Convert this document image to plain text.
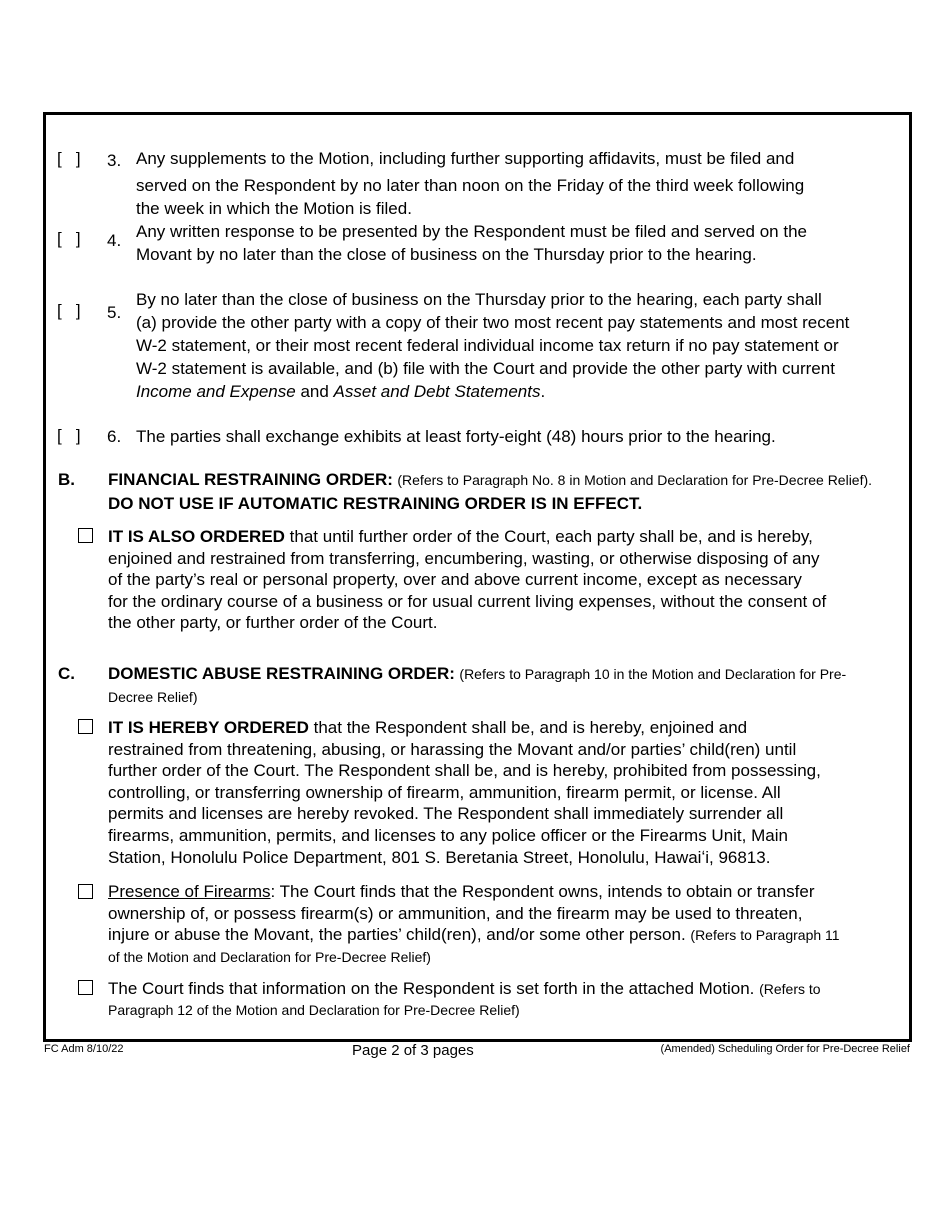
[   ] 3. Any supplements to the Motion, including further supporting affidavits, must be filed and
served on the Respondent by no later than noon on the Friday of the third week following
the week in which the Motion is filed.
[   ] 4. Any written response to be presented by the Respondent must be filed and served on the
Movant by no later than the close of business on the Thursday prior to the hearing.
[   ] 5.
By no later than the close of business on the Thursday prior to the hearing, each party shall
(a) provide the other party with a copy of their two most recent pay statements and most recent
W-2 statement, or their most recent federal individual income tax return if no pay statement or
W-2 statement is available, and (b) file with the Court and provide the other party with current
Income and Expense and Asset and Debt Statements.
[   ] 6. The parties shall exchange exhibits at least forty-eight (48) hours prior to the hearing.
B. FINANCIAL RESTRAINING ORDER: (Refers to Paragraph No. 8 in Motion and Declaration for Pre-Decree Relief).
DO NOT USE IF AUTOMATIC RESTRAINING ORDER IS IN EFFECT.
IT IS ALSO ORDERED that until further order of the Court, each party shall be, and is hereby,
enjoined and restrained from transferring, encumbering, wasting, or otherwise disposing of any
of the party’s real or personal property, over and above current income, except as necessary
for the ordinary course of a business or for usual current living expenses, without the consent of
the other party, or further order of the Court.
C. DOMESTIC ABUSE RESTRAINING ORDER: (Refers to Paragraph 10 in the Motion and Declaration for Pre-
Decree Relief)
IT IS HEREBY ORDERED that the Respondent shall be, and is hereby, enjoined and
restrained from threatening, abusing, or harassing the Movant and/or parties’ child(ren) until
further order of the Court. The Respondent shall be, and is hereby, prohibited from possessing,
controlling, or transferring ownership of firearm, ammunition, firearm permit, or license. All
permits and licenses are hereby revoked. The Respondent shall immediately surrender all
firearms, ammunition, permits, and licenses to any police officer or the Firearms Unit, Main
Station, Honolulu Police Department, 801 S. Beretania Street, Honolulu, Hawaiʻi, 96813.
Presence of Firearms: The Court finds that the Respondent owns, intends to obtain or transfer
ownership of, or possess firearm(s) or ammunition, and the firearm may be used to threaten,
injure or abuse the Movant, the parties’ child(ren), and/or some other person. (Refers to Paragraph 11
of the Motion and Declaration for Pre-Decree Relief)
The Court finds that information on the Respondent is set forth in the attached Motion. (Refers to
Paragraph 12 of the Motion and Declaration for Pre-Decree Relief)
FC Adm 8/10/22	Page 2 of 3 pages	(Amended) Scheduling Order for Pre-Decree Relief
